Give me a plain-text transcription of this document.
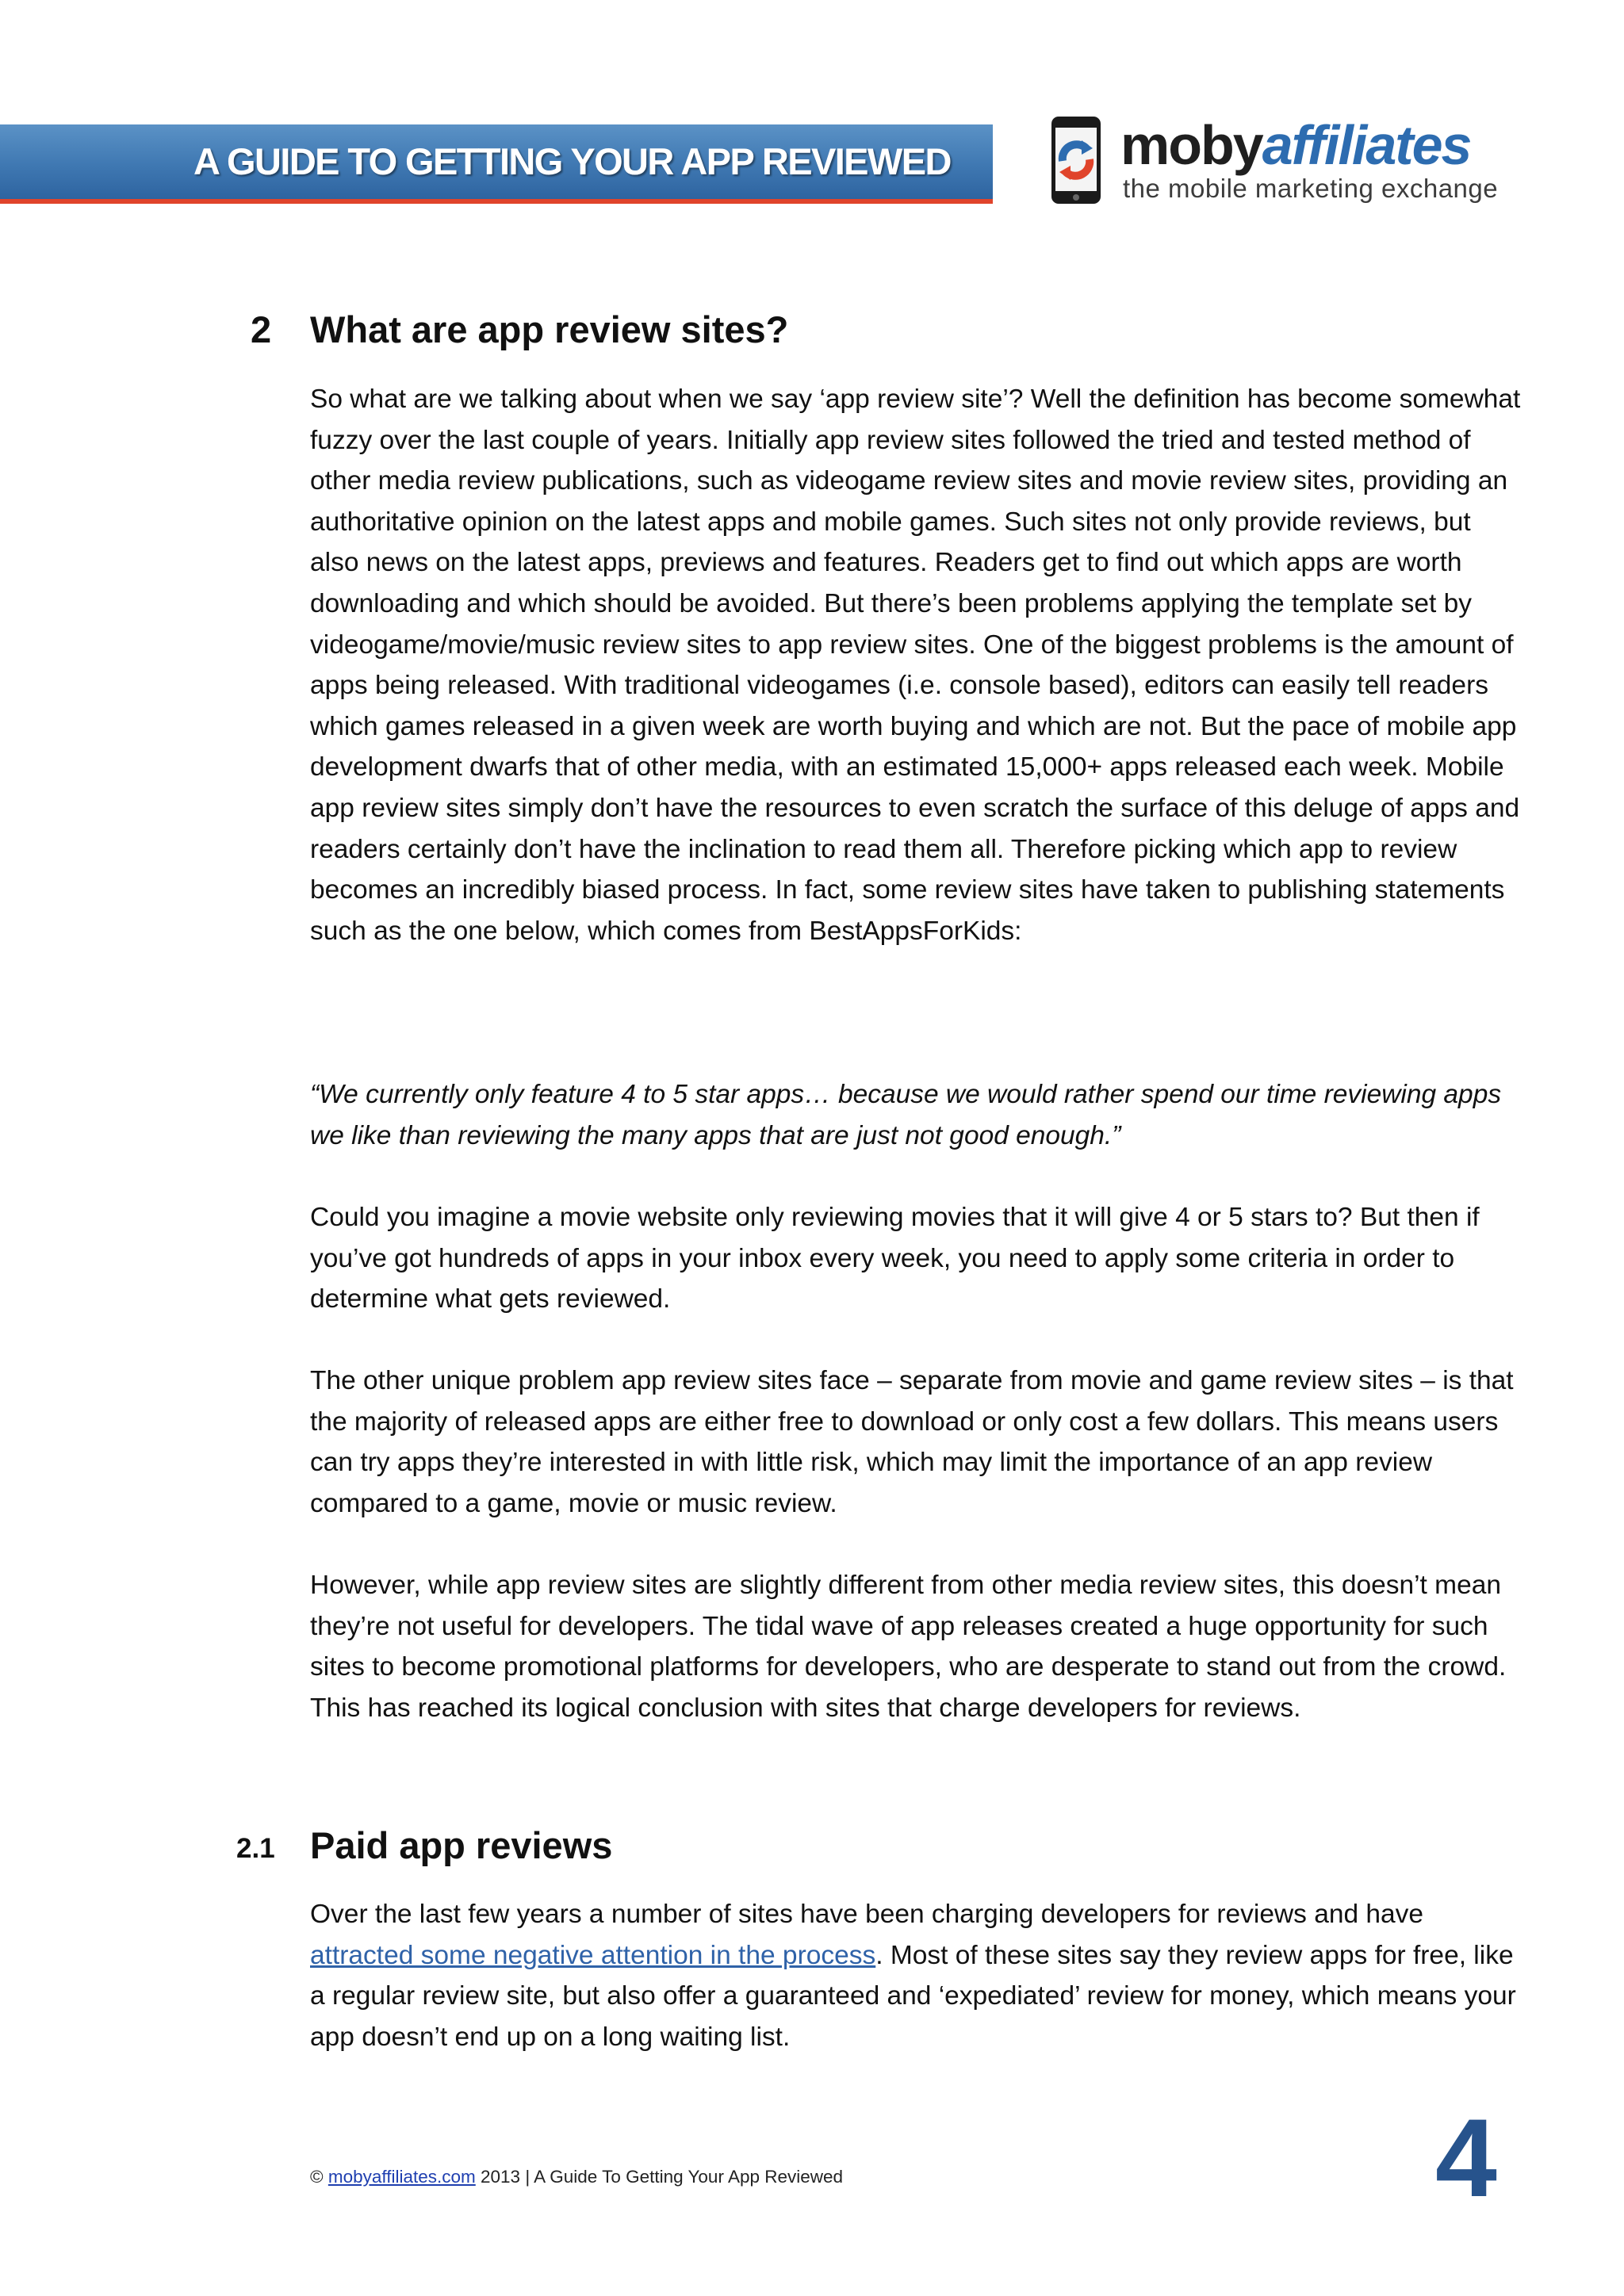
A GUIDE TO GETTING YOUR APP REVIEWED	mobyaffiliates

the mobile marketing exchange

2 What are app review sites?

So what are we talking about when we say ‘app review site’? Well the definition has become somewhat fuzzy over the last couple of years. Initially app review sites followed the tried and tested method of other media review publications, such as videogame review sites and movie review sites, providing an authoritative opinion on the latest apps and mobile games. Such sites not only provide reviews, but also news on the latest apps, previews and features. Readers get to find out which apps are worth downloading and which should be avoided. But there’s been problems applying the template set by videogame/movie/music review sites to app review sites. One of the biggest problems is the amount of apps being released. With traditional videogames (i.e. console based), editors can easily tell readers which games released in a given week are worth buying and which are not. But the pace of mobile app development dwarfs that of other media, with an estimated 15,000+ apps released each week. Mobile app review sites simply don’t have the resources to even scratch the surface of this deluge of apps and readers certainly don’t have the inclination to read them all. Therefore picking which app to review becomes an incredibly biased process. In fact, some review sites have taken to publishing statements such as the one below, which comes from BestAppsForKids:

“We currently only feature 4 to 5 star apps… because we would rather spend our time reviewing apps we like than reviewing the many apps that are just not good enough.”

Could you imagine a movie website only reviewing movies that it will give 4 or 5 stars to? But then if you’ve got hundreds of apps in your inbox every week, you need to apply some criteria in order to determine what gets reviewed.

The other unique problem app review sites face – separate from movie and game review sites – is that the majority of released apps are either free to download or only cost a few dollars. This means users can try apps they’re interested in with little risk, which may limit the importance of an app review compared to a game, movie or music review.

However, while app review sites are slightly different from other media review sites, this doesn’t mean they’re not useful for developers. The tidal wave of app releases created a huge opportunity for such sites to become promotional platforms for developers, who are desperate to stand out from the crowd. This has reached its logical conclusion with sites that charge developers for reviews.

2.1 Paid app reviews

Over the last few years a number of sites have been charging developers for reviews and have attracted some negative attention in the process. Most of these sites say they review apps for free, like a regular review site, but also offer a guaranteed and ‘expediated’ review for money, which means your app doesn’t end up on a long waiting list.

© mobyaffiliates.com 2013 | A Guide To Getting Your App Reviewed	4
